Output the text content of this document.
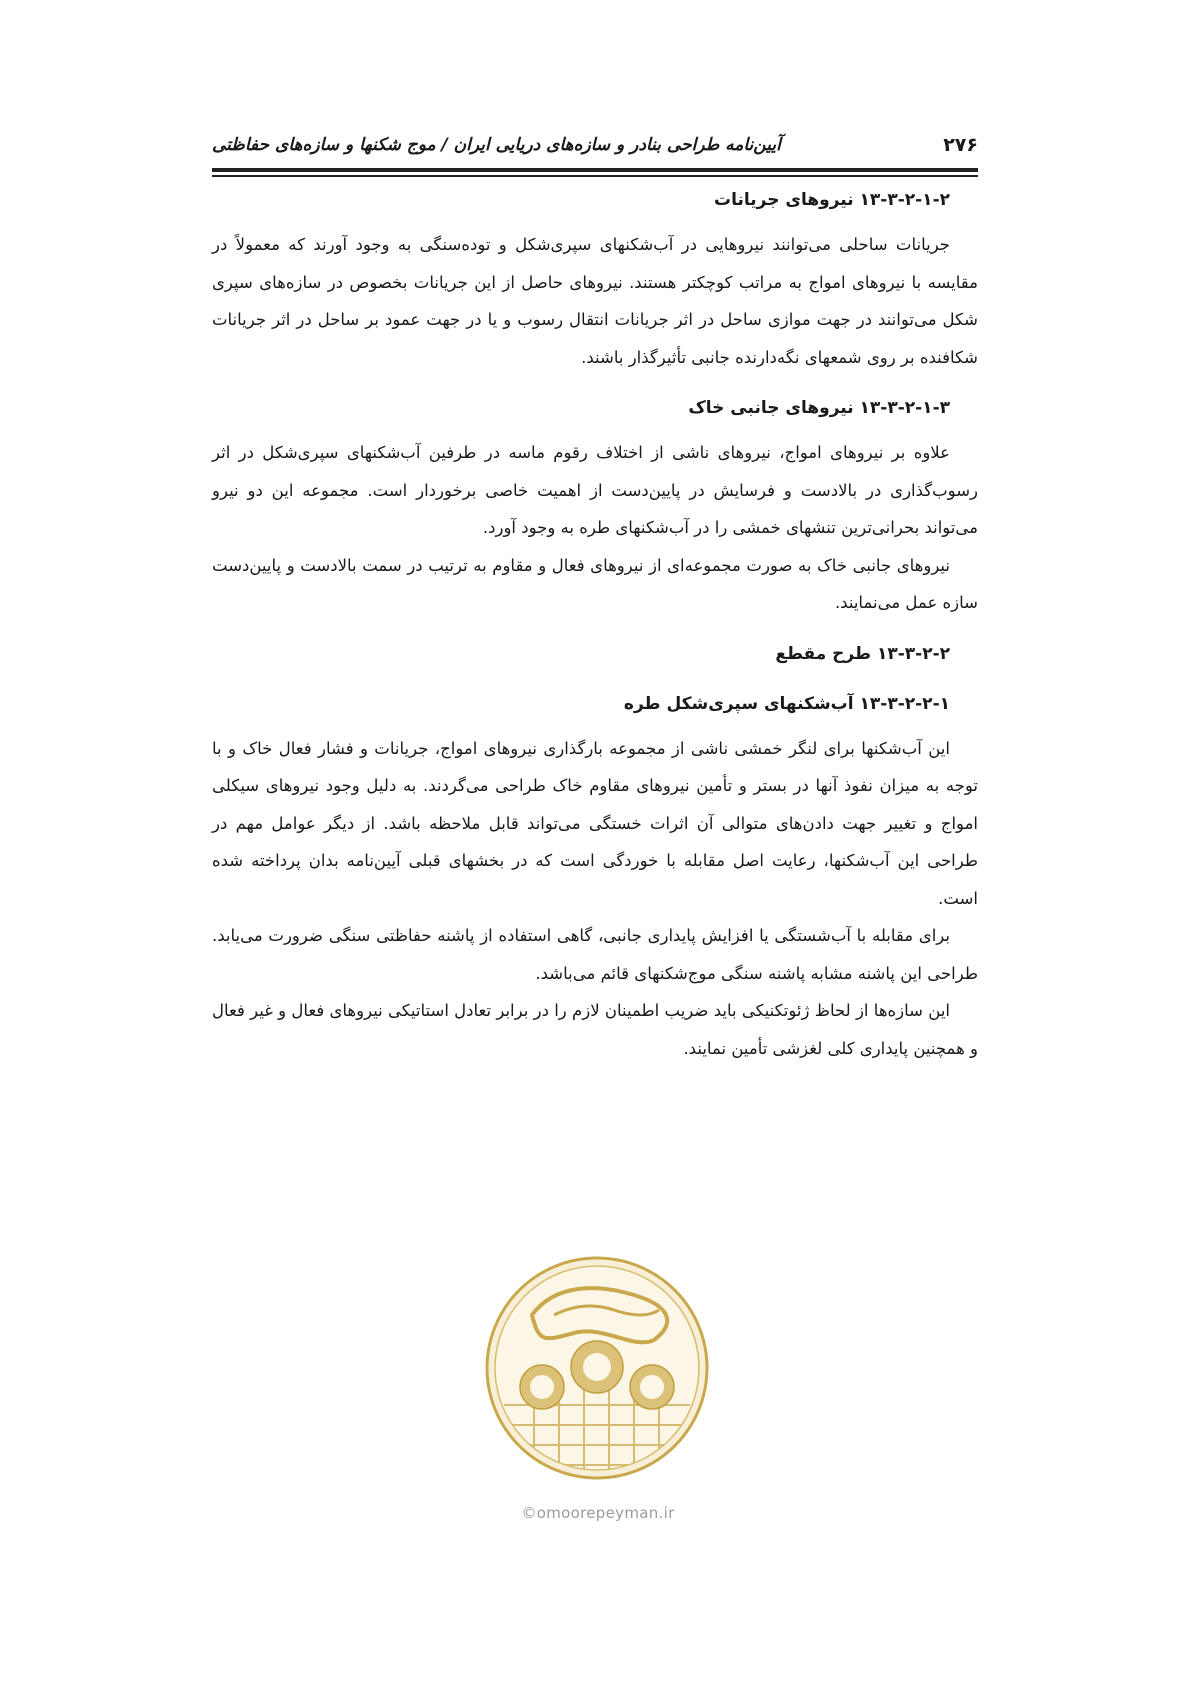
۲۷۶
آیین‌نامه طراحی بنادر و سازه‌های دریایی ایران / موج شکنها و سازه‌های حفاظتی
۱۳-۳-۲-۱-۲ نیروهای جریانات

جریانات ساحلی می‌توانند نیروهایی در آب‌شکنهای سپری‌شکل و توده‌سنگی به وجود آورند که معمولاً در مقایسه با نیروهای امواج به مراتب کوچکتر هستند. نیروهای حاصل از این جریانات بخصوص در سازه‌های سپری شکل می‌توانند در جهت موازی ساحل در اثر جریانات انتقال رسوب و یا در جهت عمود بر ساحل در اثر جریانات شکافنده بر روی شمعهای نگه‌دارنده جانبی تأثیرگذار باشند.

۱۳-۳-۲-۱-۳ نیروهای جانبی خاک

علاوه بر نیروهای امواج، نیروهای ناشی از اختلاف رقوم ماسه در طرفین آب‌شکنهای سپری‌شکل در اثر رسوب‌گذاری در بالادست و فرسایش در پایین‌دست از اهمیت خاصی برخوردار است. مجموعه این دو نیرو می‌تواند بحرانی‌ترین تنشهای خمشی را در آب‌شکنهای طره به وجود آورد.

نیروهای جانبی خاک به صورت مجموعه‌ای از نیروهای فعال و مقاوم به ترتیب در سمت بالادست و پایین‌دست سازه عمل می‌نمایند.

۱۳-۳-۲-۲ طرح مقطع
۱۳-۳-۲-۲-۱ آب‌شکنهای سپری‌شکل طره

این آب‌شکنها برای لنگر خمشی ناشی از مجموعه بارگذاری نیروهای امواج، جریانات و فشار فعال خاک و با توجه به میزان نفوذ آنها در بستر و تأمین نیروهای مقاوم خاک طراحی می‌گردند. به دلیل وجود نیروهای سیکلی امواج و تغییر جهت دادن‌های متوالی آن اثرات خستگی می‌تواند قابل ملاحظه باشد. از دیگر عوامل مهم در طراحی این آب‌شکنها، رعایت اصل مقابله با خوردگی است که در بخشهای قبلی آیین‌نامه بدان پرداخته شده است.

برای مقابله با آب‌شستگی یا افزایش پایداری جانبی، گاهی استفاده از پاشنه حفاظتی سنگی ضرورت می‌یابد. طراحی این پاشنه مشابه پاشنه سنگی موج‌شکنهای قائم می‌باشد.

این سازه‌ها از لحاظ ژئوتکنیکی باید ضریب اطمینان لازم را در برابر تعادل استاتیکی نیروهای فعال و غیر فعال و همچنین پایداری کلی لغزشی تأمین نمایند.

©omoorepeyman.ir
